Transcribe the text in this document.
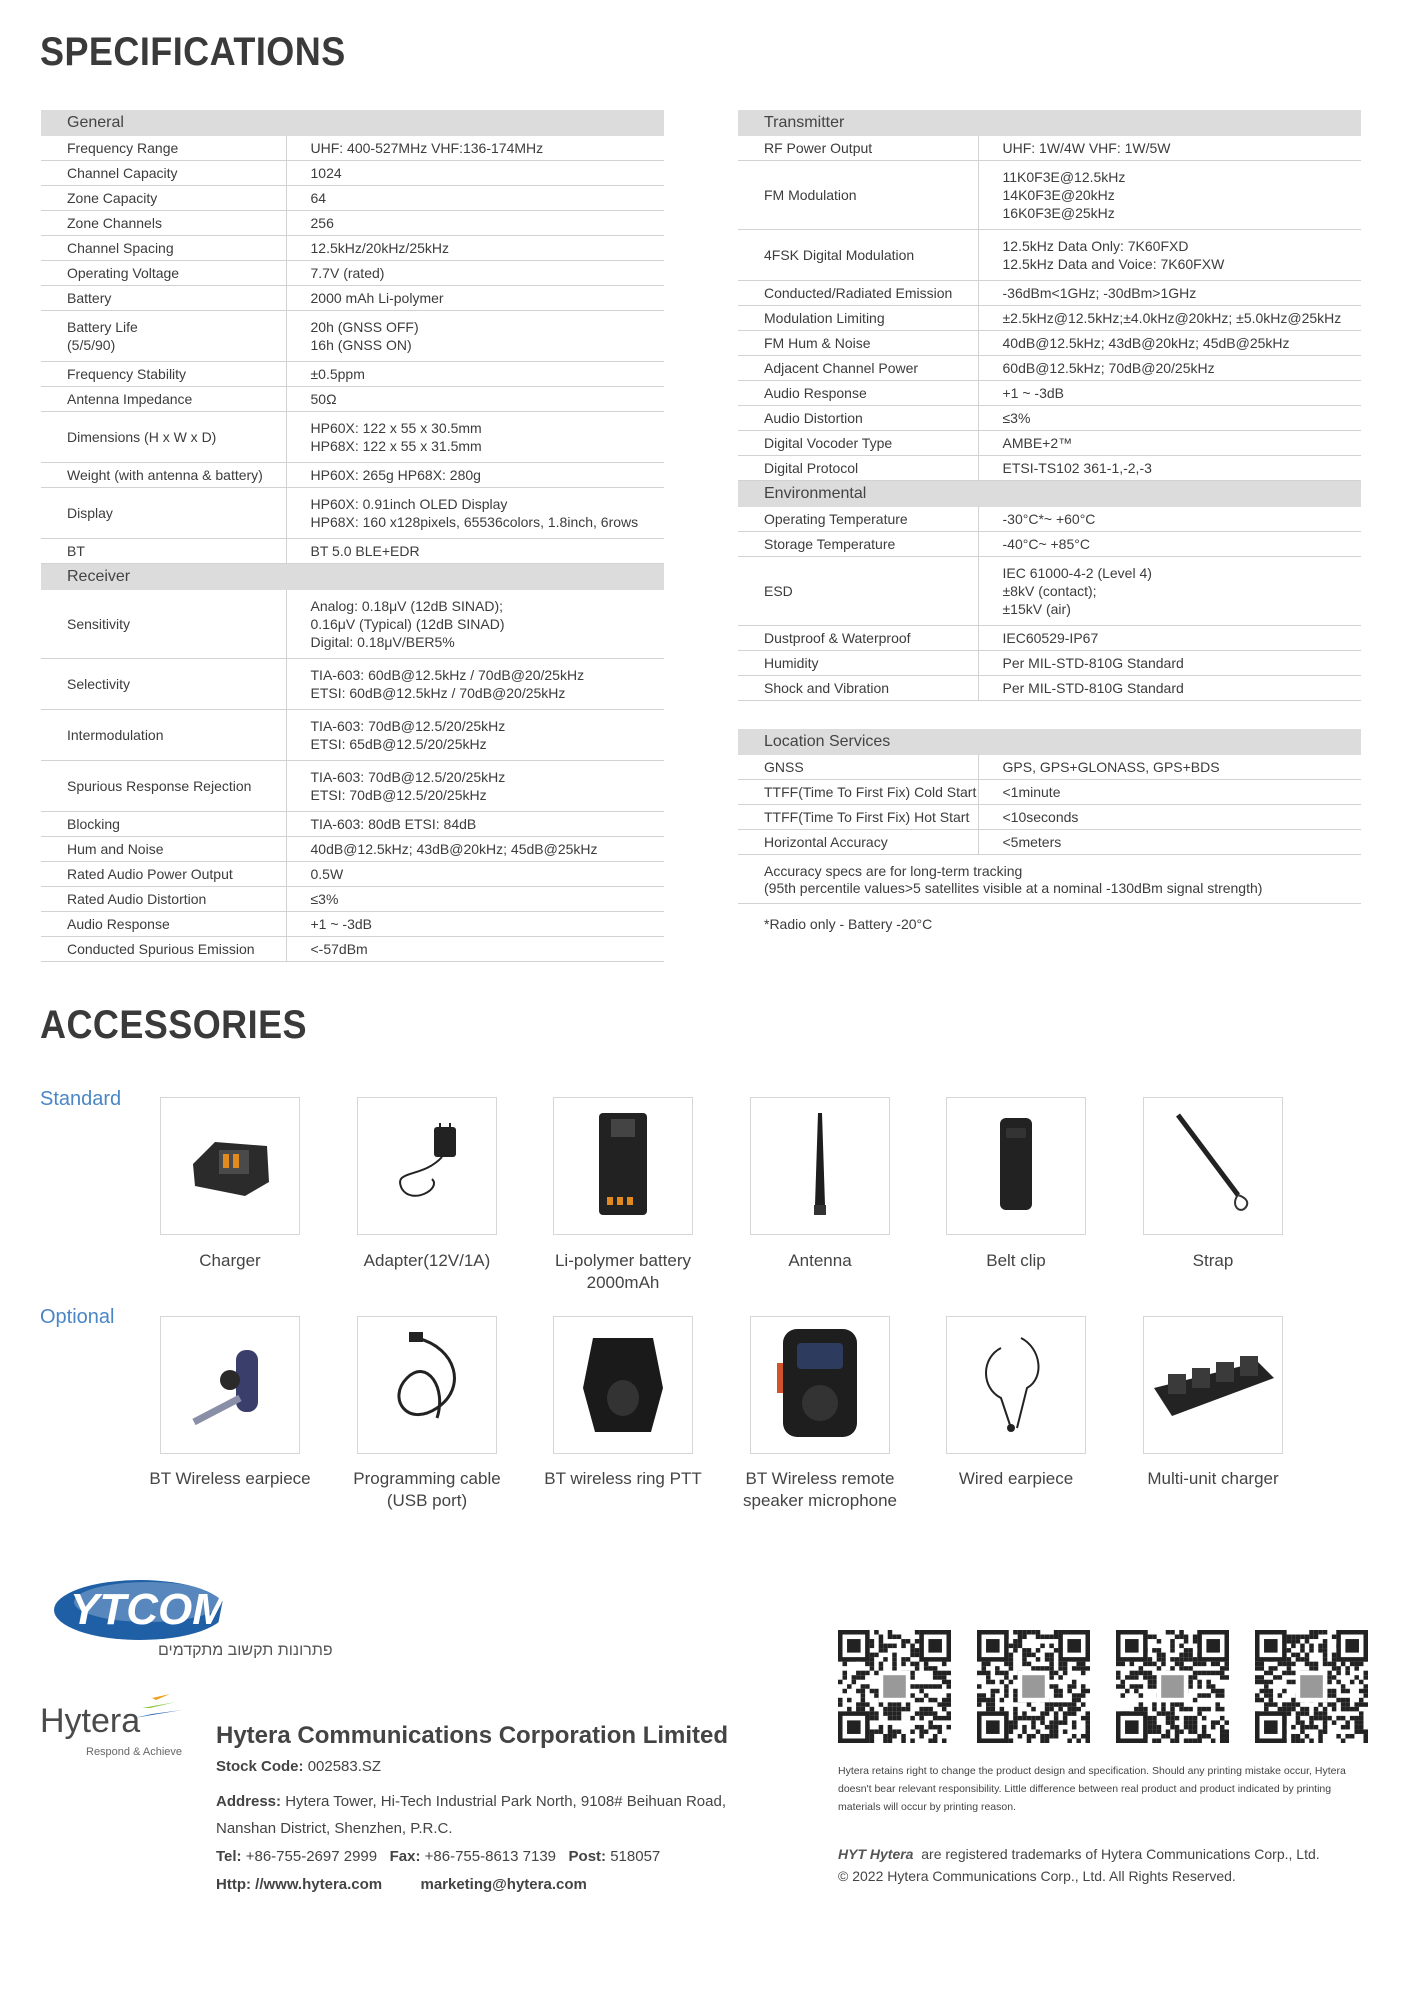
SPECIFICATIONS
General	
Frequency Range	UHF: 400-527MHz VHF:136-174MHz
Channel Capacity	1024
Zone Capacity	64
Zone Channels	256
Channel Spacing	12.5kHz/20kHz/25kHz
Operating Voltage	7.7V (rated)
Battery	2000 mAh Li-polymer
Battery Life
(5/5/90)	20h (GNSS OFF)
16h (GNSS ON)
Frequency Stability	±0.5ppm
Antenna Impedance	50Ω
Dimensions (H x W x D)	HP60X: 122 x 55 x 30.5mm
HP68X: 122 x 55 x 31.5mm
Weight (with antenna & battery)	HP60X: 265g HP68X: 280g
Display	HP60X: 0.91inch OLED Display
HP68X: 160 x128pixels, 65536colors, 1.8inch, 6rows
BT	BT 5.0 BLE+EDR
Receiver	
Sensitivity	Analog: 0.18μV (12dB SINAD);
0.16μV (Typical) (12dB SINAD)
Digital: 0.18μV/BER5%
Selectivity	TIA-603: 60dB@12.5kHz / 70dB@20/25kHz
ETSI: 60dB@12.5kHz / 70dB@20/25kHz
Intermodulation	TIA-603: 70dB@12.5/20/25kHz
ETSI: 65dB@12.5/20/25kHz
Spurious Response Rejection	TIA-603: 70dB@12.5/20/25kHz
ETSI: 70dB@12.5/20/25kHz
Blocking	TIA-603: 80dB ETSI: 84dB
Hum and Noise	40dB@12.5kHz; 43dB@20kHz; 45dB@25kHz
Rated Audio Power Output	0.5W
Rated Audio Distortion	≤3%
Audio Response	+1 ~ -3dB
Conducted Spurious Emission	<-57dBm
Transmitter	
RF Power Output	UHF: 1W/4W VHF: 1W/5W
FM Modulation	11K0F3E@12.5kHz
14K0F3E@20kHz
16K0F3E@25kHz
4FSK Digital Modulation	12.5kHz Data Only: 7K60FXD
12.5kHz Data and Voice: 7K60FXW
Conducted/Radiated Emission	-36dBm<1GHz; -30dBm>1GHz
Modulation Limiting	±2.5kHz@12.5kHz;±4.0kHz@20kHz; ±5.0kHz@25kHz
FM Hum & Noise	40dB@12.5kHz; 43dB@20kHz; 45dB@25kHz
Adjacent Channel Power	60dB@12.5kHz; 70dB@20/25kHz
Audio Response	+1 ~ -3dB
Audio Distortion	≤3%
Digital Vocoder Type	AMBE+2™
Digital Protocol	ETSI-TS102 361-1,-2,-3
Environmental	
Operating Temperature	-30°C*~ +60°C
Storage Temperature	-40°C~ +85°C
ESD	IEC 61000-4-2 (Level 4)
±8kV (contact);
±15kV (air)
Dustproof & Waterproof	IEC60529-IP67
Humidity	Per MIL-STD-810G Standard
Shock and Vibration	Per MIL-STD-810G Standard
Location Services	
GNSS	GPS, GPS+GLONASS, GPS+BDS
TTFF(Time To First Fix) Cold Start	<1minute
TTFF(Time To First Fix) Hot Start	<10seconds
Horizontal Accuracy	<5meters
Accuracy specs are for long-term tracking
(95th percentile values>5 satellites visible at a nominal -130dBm signal strength)
*Radio only - Battery -20°C
ACCESSORIES
Standard
Optional
Charger	Adapter(12V/1A)	Li-polymer battery
2000mAh
Antenna	Belt clip	Strap
BT Wireless earpiece	Programming cable
(USB port)
BT wireless ring PTT	BT Wireless remote
speaker microphone
Wired earpiece	Multi-unit charger
YTCOM GROUP
פתרונות תקשוב מתקדמים
Hytera
Respond & Achieve
Hytera Communications Corporation Limited
Stock Code: 002583.SZ
Address: Hytera Tower, Hi-Tech Industrial Park North, 9108# Beihuan Road,
Nanshan District, Shenzhen, P.R.C.
Tel: +86-755-2697 2999 Fax: +86-755-8613 7139 Post: 518057
Http: //www.hytera.com	marketing@hytera.com
Hytera retains right to change the product design and specification. Should any printing mistake occur, Hytera doesn't bear relevant responsibility. Little difference between real product and product indicated by printing materials will occur by printing reason.
HYT Hytera are registered trademarks of Hytera Communications Corp., Ltd.
© 2022 Hytera Communications Corp., Ltd. All Rights Reserved.
